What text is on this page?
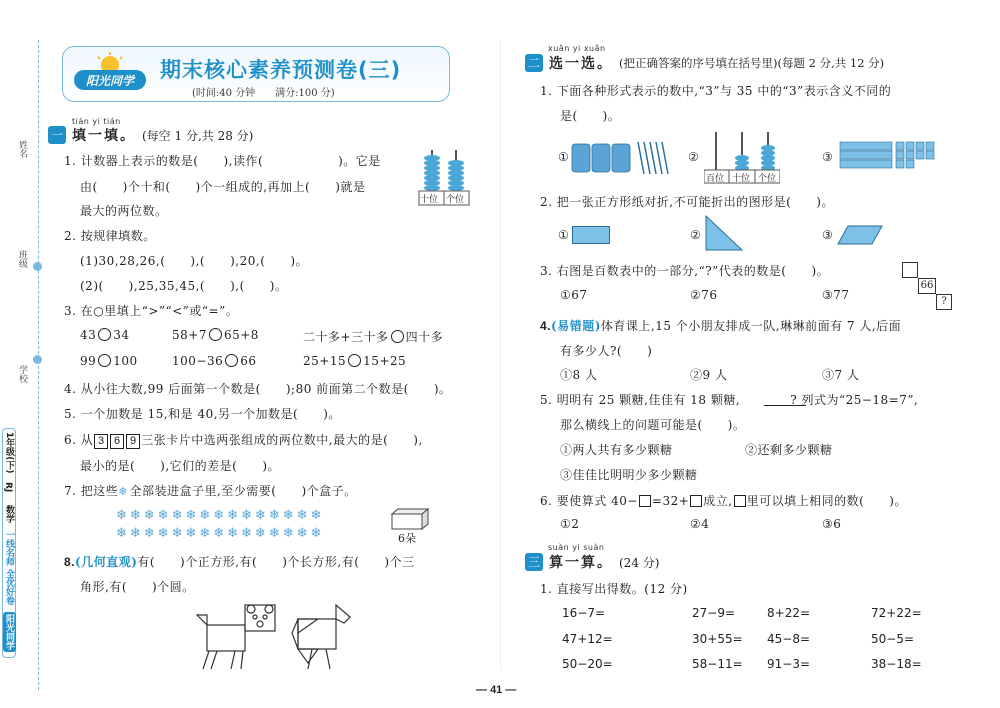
姓名
班级
学校
1年级(下)
RJ
数学
一线名师 全优好卷
阳光同学
阳光同学	期末核心素养预测卷(三)
(时间:40 分钟　　满分:100 分)
tián yi tián
一 填一填。 (每空 1 分,共 28 分)
1. 计数器上表示的数是(　　),读作(　　　　　　)。它是
由(　　)个十和(　　)个一组成的,再加上(　　)就是
最大的两位数。
十位 个位
2. 按规律填数。
(1)30,28,26,(　　),(　　),20,(　　)。
(2)(　　),25,35,45,(　　),(　　)。
3. 在○里填上“>”“<”或“=”。
43 34	58+7 65+8	二十多+三十多 四十多
99 100	100−36 66	25+15 15+25
4. 从小往大数,99 后面第一个数是(　　);80 前面第二个数是(　　)。
5. 一个加数是 15,和是 40,另一个加数是(　　)。
6. 从 3 6 9 三张卡片中选两张组成的两位数中,最大的是(　　),
最小的是(　　),它们的差是(　　)。
7. 把这些❄全部装进盒子里,至少需要(　　)个盒子。
❄❄❄❄❄❄❄❄❄❄❄❄❄❄❄
❄❄❄❄❄❄❄❄❄❄❄❄❄❄❄	6朵
8.(几何直观)有(　　)个正方形,有(　　)个长方形,有(　　)个三
角形,有(　　)个圆。
xuǎn yi xuǎn
二 选一选。 (把正确答案的序号填在括号里)(每题 2 分,共 12 分)
1. 下面各种形式表示的数中,“3”与 35 中的“3”表示含义不同的
是(　　)。
①	②
百位 十位 个位
③
2. 把一张正方形纸对折,不可能折出的图形是(　　)。
①	②	③
3. 右图是百数表中的一部分,“?”代表的数是(　　)。
①67	②76	③77
66
?
4.(易错题)体育课上,15 个小朋友排成一队,琳琳前面有 7 人,后面
有多少人?(　　)
①8 人	②9 人	③7 人
5. 明明有 25 颗糖,佳佳有 18 颗糖,　　　　? 列式为“25−18=7”,
那么横线上的问题可能是(　　)。
①两人共有多少颗糖	②还剩多少颗糖
③佳佳比明明少多少颗糖
6. 要使算式 40− =32+ 成立, 里可以填上相同的数(　　)。
①2	②4	③6
suàn yi suàn
三 算一算。 (24 分)
1. 直接写出得数。(12 分)
16−7=	27−9=	8+22=	72+22=
47+12=	30+55= 45−8=	50−5=
50−20=	58−11= 91−3=	38−18=
— 41 —
